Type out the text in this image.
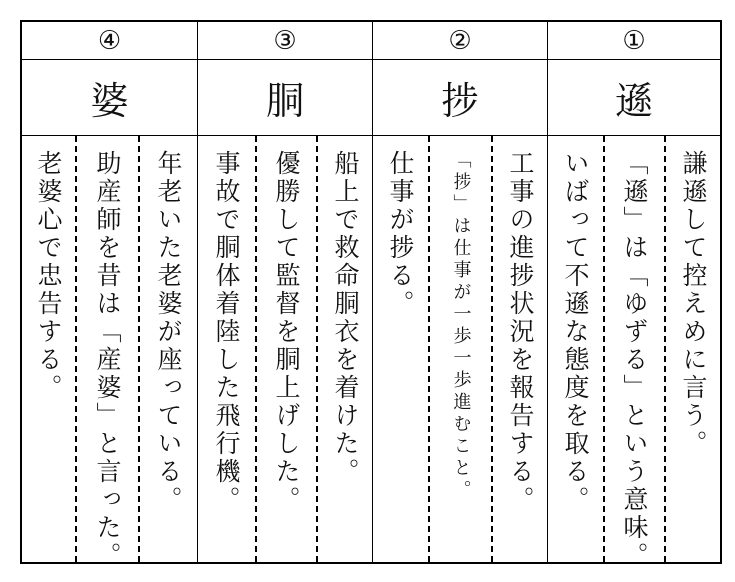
④
婆
老婆心で忠告する。 助産師を昔は「産婆」と言った。 年老いた老婆が座っている。
③
胴
事故で胴体着陸した飛行機。 優勝して監督を胴上げした。 船上で救命胴衣を着けた。
②
捗
仕事が捗る。 「捗」は仕事が一歩一歩進むこと。 工事の進捗状況を報告する。
①
遜
いばって不遜な態度を取る。 「遜」は「ゆずる」という意味。 謙遜して控えめに言う。
